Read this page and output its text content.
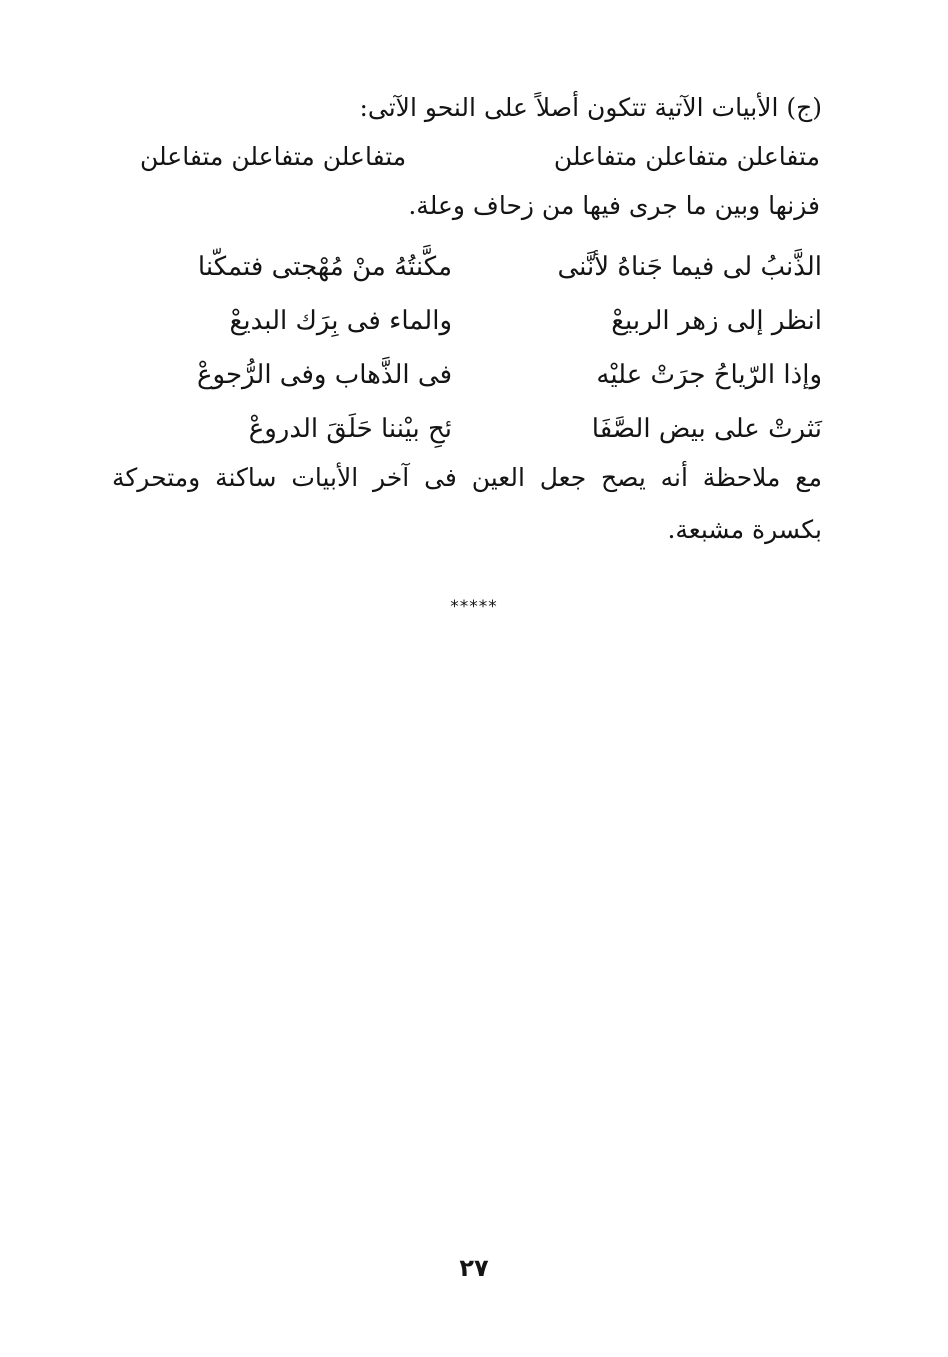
(ج) الأبيات الآتية تتكون أصلاً على النحو الآتى:
متفاعلن متفاعلن متفاعلن
متفاعلن متفاعلن متفاعلن
فزنها وبين ما جرى فيها من زحاف وعلة.
الذَّنبُ لى فيما جَناهُ لأنَّنى
مكَّنتُهُ منْ مُهْجتى فتمكّنا
انظر إلى زهر الربيعْ
والماء فى بِرَك البديعْ
وإذا الرّياحُ جرَتْ عليْه
فى الذَّهاب وفى الرُّجوعْ
نَثرتْ على بيض الصَّفَا
ئحِ بيْننا حَلَقَ الدروعْ
مع ملاحظة أنه يصح جعل العين فى آخر الأبيات ساكنة ومتحركة بكسرة مشبعة.
*****
٢٧
